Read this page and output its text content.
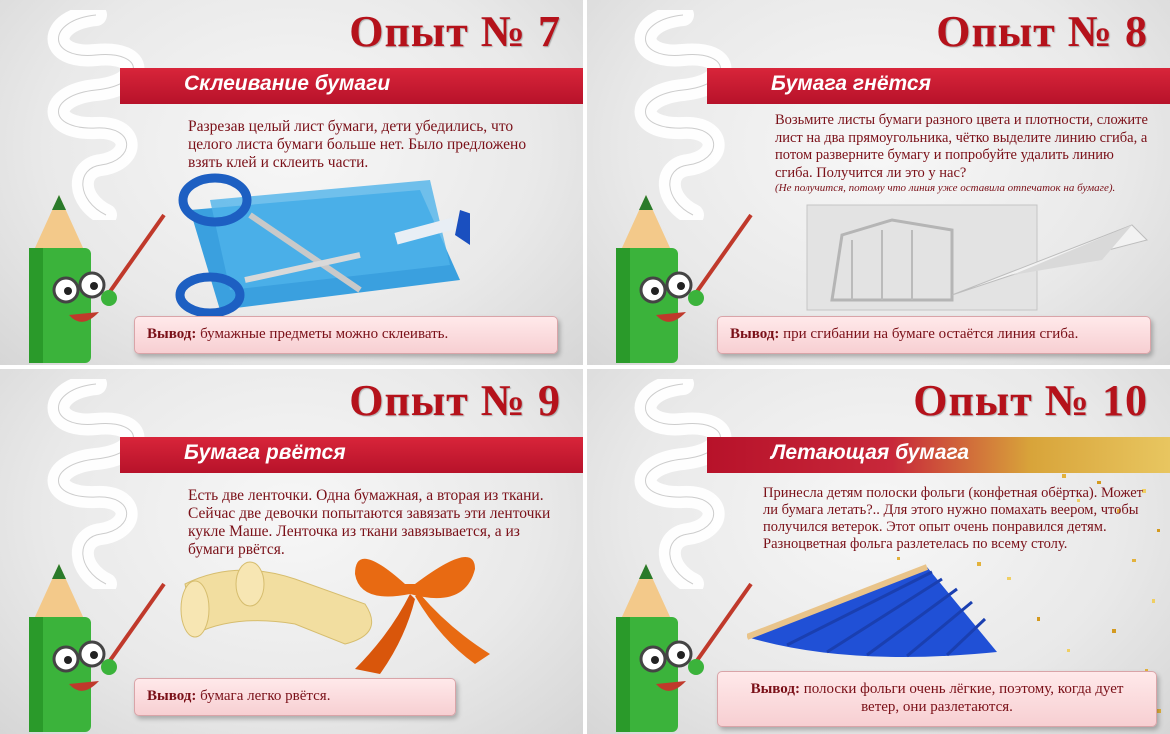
Опыт № 7
Склеивание бумаги
Разрезав целый лист бумаги, дети убедились, что целого листа бумаги больше нет. Было предложено взять клей и склеить части.
Вывод: бумажные предметы можно склеивать.
Опыт № 8
Бумага гнётся
Возьмите листы бумаги разного цвета и плотности, сложите лист на два прямоугольника, чётко выделите линию сгиба, а потом разверните бумагу и попробуйте удалить линию сгиба. Получится ли это у нас?
(Не получится, потому что линия уже оставила отпечаток на бумаге).
Вывод: при сгибании на бумаге остаётся линия сгиба.
Опыт № 9
Бумага рвётся
Есть две ленточки. Одна бумажная, а вторая из ткани. Сейчас две девочки попытаются завязать эти ленточки кукле Маше. Ленточка из ткани завязывается, а из бумаги рвётся.
Вывод: бумага легко рвётся.
Опыт № 10
Летающая бумага
Принесла детям полоски фольги (конфетная обёртка). Может ли бумага летать?.. Для этого нужно помахать веером, чтобы получился ветерок. Этот опыт очень понравился детям. Разноцветная фольга разлетелась по всему столу.
Вывод: полоски фольги очень лёгкие, поэтому, когда дует ветер, они разлетаются.
